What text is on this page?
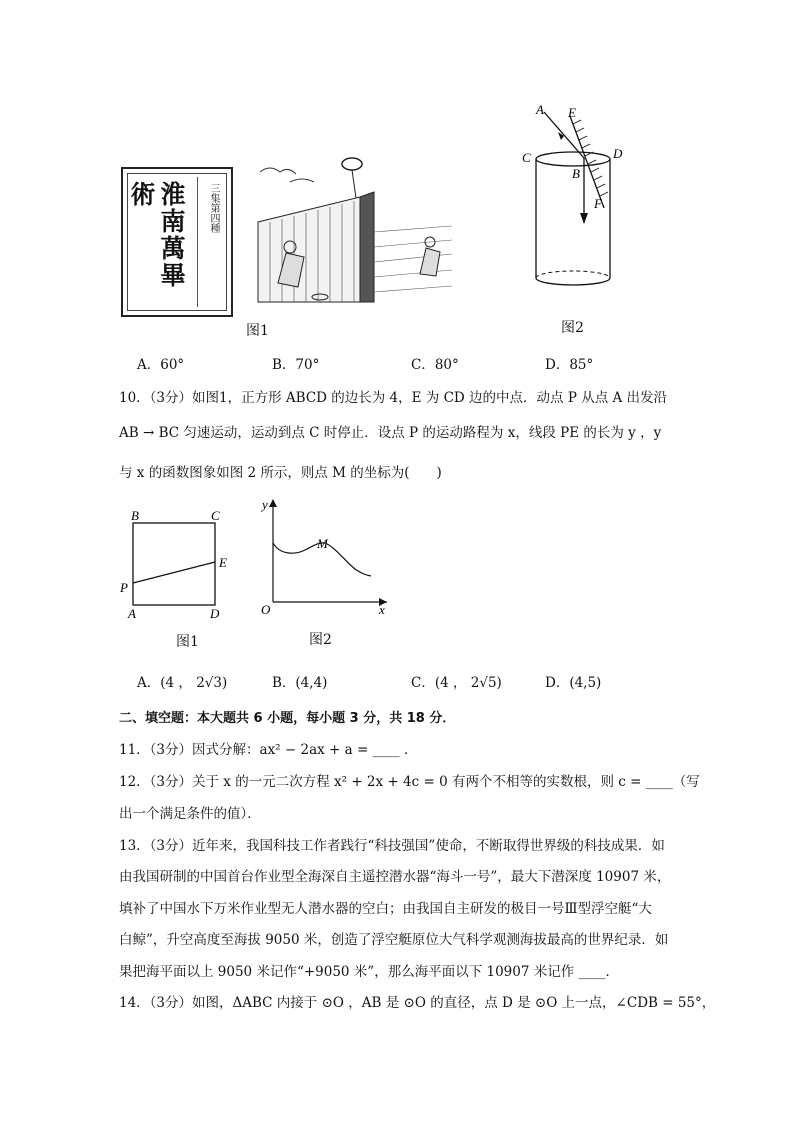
淮南萬畢術	三集第四種
图1
A E
C	D
B
F
图2
A．60°	B．70°	C．80°	D．85°
10．（3分）如图1，正方形 ABCD 的边长为 4，E 为 CD 边的中点．动点 P 从点 A 出发沿
AB → BC 匀速运动，运动到点 C 时停止．设点 P 的运动路程为 x，线段 PE 的长为 y ，y
与 x 的函数图象如图 2 所示，则点 M 的坐标为(　　)
B	C
E
P
A	D
图1
y
M
O	x
图2
A．(4 ， 2√3)	B．(4,4)	C．(4 ， 2√5)	D．(4,5)
二、填空题：本大题共 6 小题，每小题 3 分，共 18 分．
11．（3分）因式分解：ax² − 2ax + a = ____ ．
12．（3分）关于 x 的一元二次方程 x² + 2x + 4c = 0 有两个不相等的实数根，则 c = ____（写
出一个满足条件的值）．
13．（3分）近年来，我国科技工作者践行“科技强国”使命，不断取得世界级的科技成果．如
由我国研制的中国首台作业型全海深自主遥控潜水器“海斗一号”，最大下潜深度 10907 米，
填补了中国水下万米作业型无人潜水器的空白；由我国自主研发的极目一号Ⅲ型浮空艇“大
白鲸”，升空高度至海拔 9050 米，创造了浮空艇原位大气科学观测海拔最高的世界纪录．如
果把海平面以上 9050 米记作“+9050 米”，那么海平面以下 10907 米记作 ____．
14．（3分）如图，ΔABC 内接于 ⊙O ，AB 是 ⊙O 的直径，点 D 是 ⊙O 上一点，∠CDB = 55°，
